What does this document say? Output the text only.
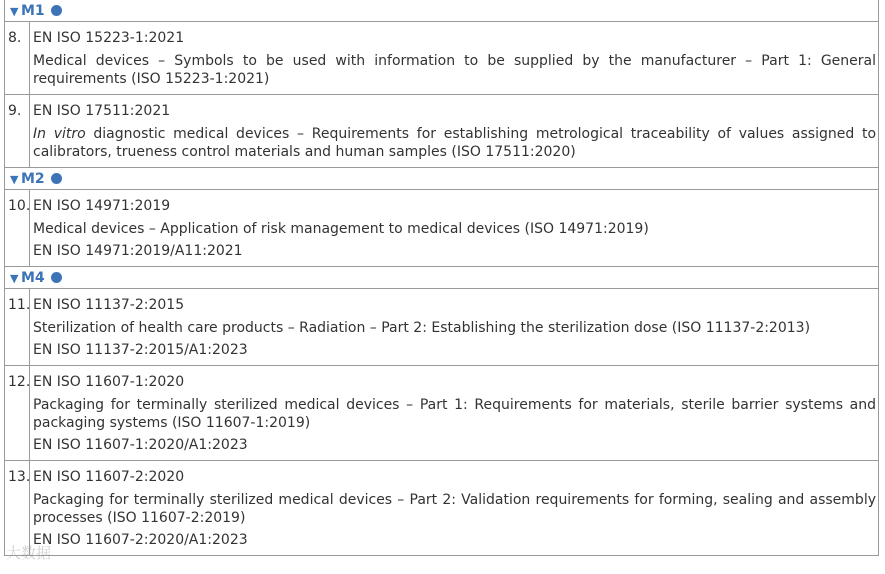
▼ M1
8. EN ISO 15223-1:2021

Medical devices – Symbols to be used with information to be supplied by the manufacturer – Part 1: General requirements (ISO 15223-1:2021)

9. EN ISO 17511:2021

In vitro diagnostic medical devices – Requirements for establishing metrological traceability of values assigned to calibrators, trueness control materials and human samples (ISO 17511:2020)

▼ M2
10. EN ISO 14971:2019

Medical devices – Application of risk management to medical devices (ISO 14971:2019)

EN ISO 14971:2019/A11:2021

▼ M4
11. EN ISO 11137-2:2015

Sterilization of health care products – Radiation – Part 2: Establishing the sterilization dose (ISO 11137-2:2013)

EN ISO 11137-2:2015/A1:2023

12. EN ISO 11607-1:2020

Packaging for terminally sterilized medical devices – Part 1: Requirements for materials, sterile barrier systems and packaging systems (ISO 11607-1:2019)

EN ISO 11607-1:2020/A1:2023

13. EN ISO 11607-2:2020

Packaging for terminally sterilized medical devices – Part 2: Validation requirements for forming, sealing and assembly processes (ISO 11607-2:2019)

EN ISO 11607-2:2020/A1:2023

大数据
